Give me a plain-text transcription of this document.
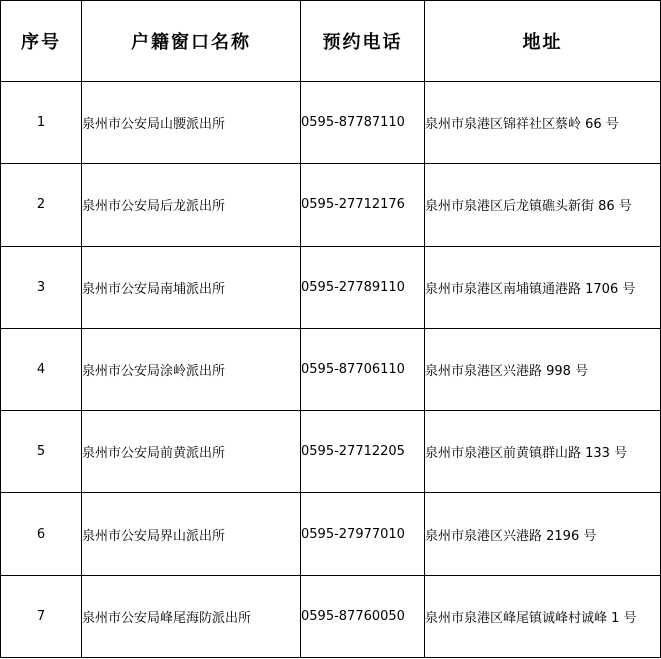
序号	户籍窗口名称	预约电话	地址
1	泉州市公安局山腰派出所	0595-87787110	泉州市泉港区锦祥社区蔡岭 66 号
2	泉州市公安局后龙派出所	0595-27712176	泉州市泉港区后龙镇礁头新街 86 号
3	泉州市公安局南埔派出所	0595-27789110	泉州市泉港区南埔镇通港路 1706 号
4	泉州市公安局涂岭派出所	0595-87706110	泉州市泉港区兴港路 998 号
5	泉州市公安局前黄派出所	0595-27712205	泉州市泉港区前黄镇群山路 133 号
6	泉州市公安局界山派出所	0595-27977010	泉州市泉港区兴港路 2196 号
7	泉州市公安局峰尾海防派出所	0595-87760050	泉州市泉港区峰尾镇诚峰村诚峰 1 号
